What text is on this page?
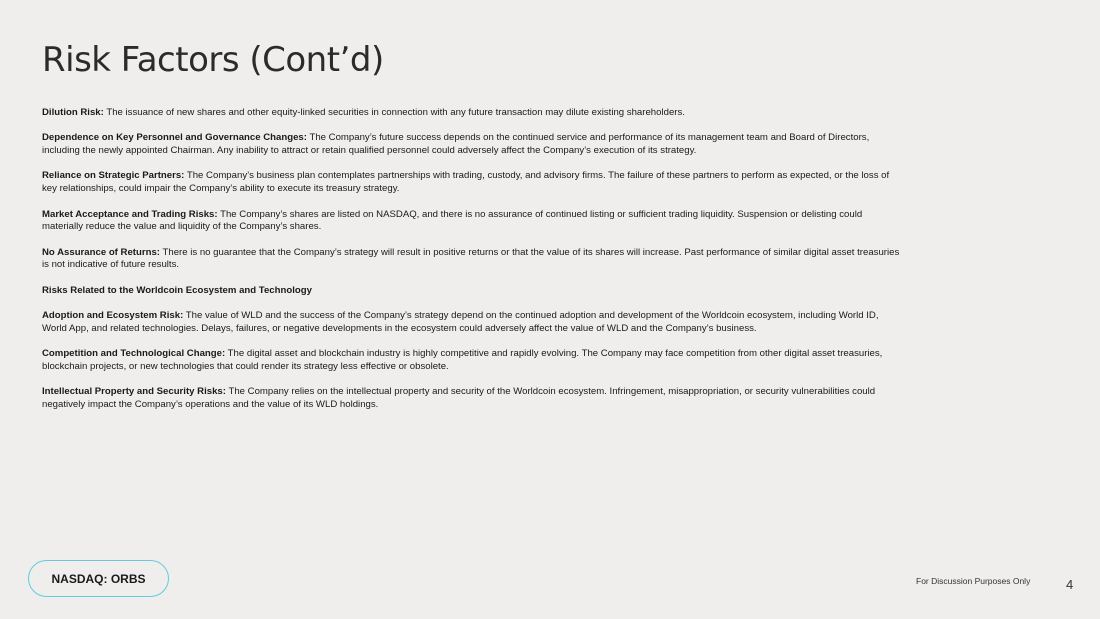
Risk Factors (Cont’d)

Dilution Risk: The issuance of new shares and other equity-linked securities in connection with any future transaction may dilute existing shareholders.

Dependence on Key Personnel and Governance Changes: The Company’s future success depends on the continued service and performance of its management team and Board of Directors, including the newly appointed Chairman. Any inability to attract or retain qualified personnel could adversely affect the Company’s execution of its strategy.

Reliance on Strategic Partners: The Company’s business plan contemplates partnerships with trading, custody, and advisory firms. The failure of these partners to perform as expected, or the loss of key relationships, could impair the Company’s ability to execute its treasury strategy.

Market Acceptance and Trading Risks: The Company’s shares are listed on NASDAQ, and there is no assurance of continued listing or sufficient trading liquidity. Suspension or delisting could materially reduce the value and liquidity of the Company’s shares.

No Assurance of Returns: There is no guarantee that the Company’s strategy will result in positive returns or that the value of its shares will increase. Past performance of similar digital asset treasuries is not indicative of future results.

Risks Related to the Worldcoin Ecosystem and Technology

Adoption and Ecosystem Risk: The value of WLD and the success of the Company’s strategy depend on the continued adoption and development of the Worldcoin ecosystem, including World ID, World App, and related technologies. Delays, failures, or negative developments in the ecosystem could adversely affect the value of WLD and the Company’s business.

Competition and Technological Change: The digital asset and blockchain industry is highly competitive and rapidly evolving. The Company may face competition from other digital asset treasuries, blockchain projects, or new technologies that could render its strategy less effective or obsolete.

Intellectual Property and Security Risks: The Company relies on the intellectual property and security of the Worldcoin ecosystem. Infringement, misappropriation, or security vulnerabilities could negatively impact the Company’s operations and the value of its WLD holdings.

NASDAQ: ORBS	For Discussion Purposes Only	4
